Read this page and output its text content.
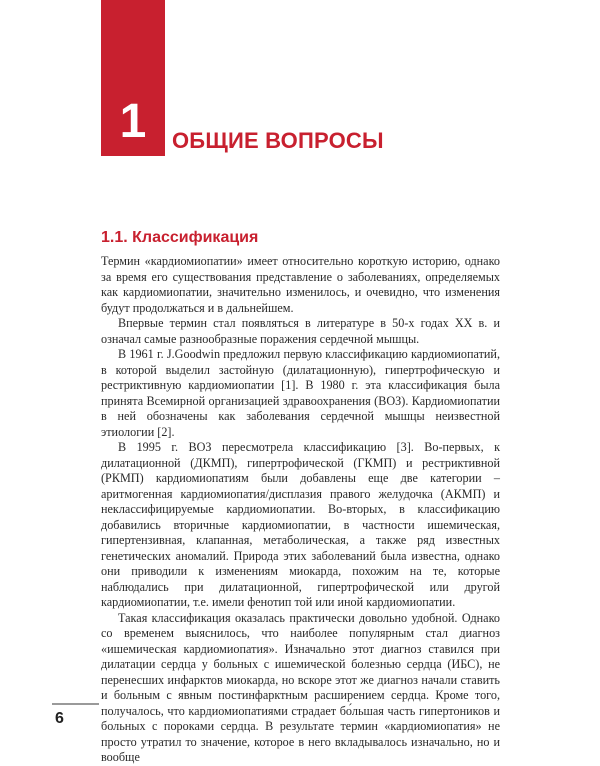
1	ОБЩИЕ ВОПРОСЫ
1.1. Классификация

Термин «кардиомиопатии» имеет относительно короткую историю, однако за время его существования представление о заболеваниях, определяемых как кардиомиопатии, значительно изменилось, и очевидно, что изменения будут продолжаться и в дальнейшем.

Впервые термин стал появляться в литературе в 50-х годах XX в. и означал самые разнообразные поражения сердечной мышцы.

В 1961 г. J.Goodwin предложил первую классификацию кардиомиопатий, в которой выделил застойную (дилатационную), гипертрофическую и рестриктивную кардиомиопатии [1]. В 1980 г. эта классификация была принята Всемирной организацией здравоохранения (ВОЗ). Кардиомиопатии в ней обозначены как заболевания сердечной мышцы неизвестной этиологии [2].

В 1995 г. ВОЗ пересмотрела классификацию [3]. Во-первых, к дилатационной (ДКМП), гипертрофической (ГКМП) и рестриктивной (РКМП) кардиомиопатиям были добавлены еще две категории – аритмогенная кардиомиопатия/дисплазия правого желудочка (АКМП) и неклассифицируемые кардиомиопатии. Во-вторых, в классификацию добавились вторичные кардиомиопатии, в частности ишемическая, гипертензивная, клапанная, метаболическая, а также ряд известных генетических аномалий. Природа этих заболеваний была известна, однако они приводили к изменениям миокарда, похожим на те, которые наблюдались при дилатационной, гипертрофической или другой кардиомиопатии, т.е. имели фенотип той или иной кардиомиопатии.

Такая классификация оказалась практически довольно удобной. Однако со временем выяснилось, что наиболее популярным стал диагноз «ишемическая кардиомиопатия». Изначально этот диагноз ставился при дилатации сердца у больных с ишемической болезнью сердца (ИБС), не перенесших инфарктов миокарда, но вскоре этот же диагноз начали ставить и больным с явным постинфарктным расширением сердца. Кроме того, получалось, что кардиомиопатиями страдает бо́льшая часть гипертоников и больных с пороками сердца. В результате термин «кардиомиопатия» не просто утратил то значение, которое в него вкладывалось изначально, но и вообще

6
